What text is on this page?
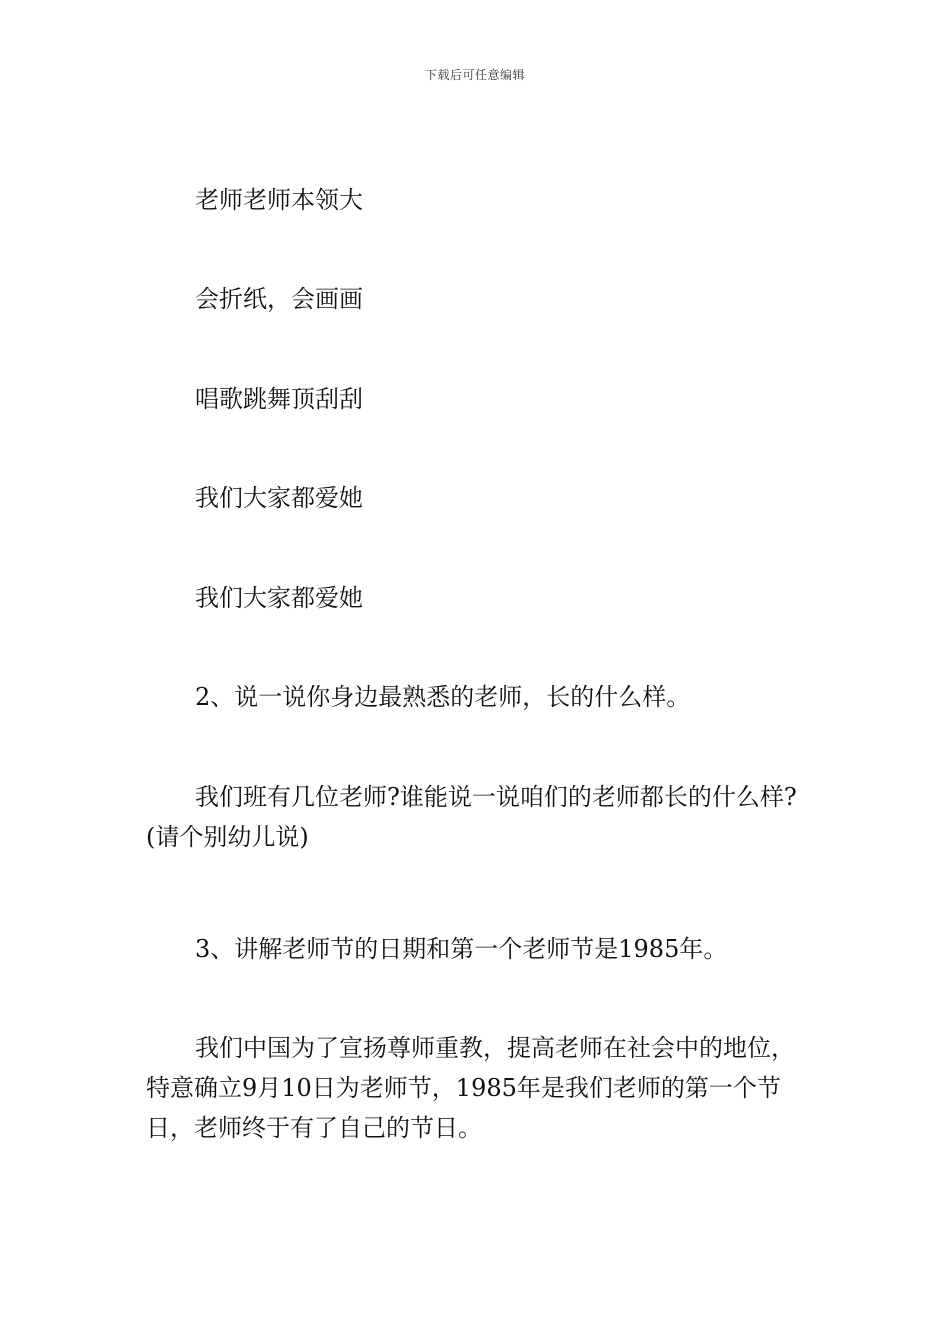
下载后可任意编辑

老师老师本领大

会折纸，会画画

唱歌跳舞顶刮刮

我们大家都爱她

我们大家都爱她

2、说一说你身边最熟悉的老师，长的什么样。

我们班有几位老师?谁能说一说咱们的老师都长的什么样?(请个别幼儿说)

3、讲解老师节的日期和第一个老师节是1985年。

我们中国为了宣扬尊师重教，提高老师在社会中的地位，特意确立9月10日为老师节，1985年是我们老师的第一个节日，老师终于有了自己的节日。
